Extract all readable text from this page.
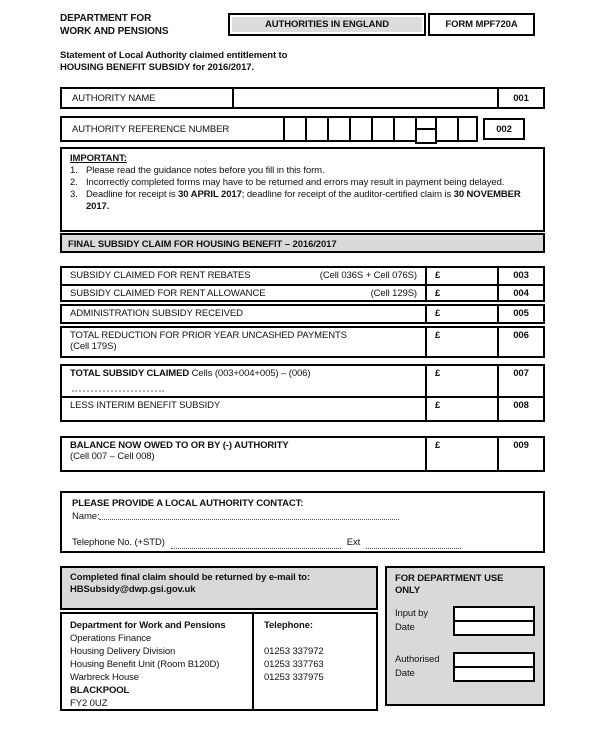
DEPARTMENT FOR
WORK AND PENSIONS
AUTHORITIES IN ENGLAND	FORM MPF720A
Statement of Local Authority claimed entitlement to
HOUSING BENEFIT SUBSIDY for 2016/2017.
AUTHORITY NAME	001
AUTHORITY REFERENCE NUMBER	002
IMPORTANT:
1. Please read the guidance notes before you fill in this form.
2. Incorrectly completed forms may have to be returned and errors may result in payment being delayed.
3. Deadline for receipt is 30 APRIL 2017; deadline for receipt of the auditor-certified claim is 30 NOVEMBER 2017.
FINAL SUBSIDY CLAIM FOR HOUSING BENEFIT – 2016/2017
SUBSIDY CLAIMED FOR RENT REBATES	(Cell 036S + Cell 076S)	£	003
SUBSIDY CLAIMED FOR RENT ALLOWANCE	(Cell 129S)	£	004
ADMINISTRATION SUBSIDY RECEIVED	£	005
TOTAL REDUCTION FOR PRIOR YEAR UNCASHED PAYMENTS
(Cell 179S)
£	006
TOTAL SUBSIDY CLAIMED Cells (003+004+005) – (006)	£	007
LESS INTERIM BENEFIT SUBSIDY	£	008
BALANCE NOW OWED TO OR BY (-) AUTHORITY
(Cell 007 – Cell 008)
£	009
PLEASE PROVIDE A LOCAL AUTHORITY CONTACT:
Name:
Telephone No. (+STD)	Ext
Completed final claim should be returned by e-mail to:
HBSubsidy@dwp.gsi.gov.uk
Department for Work and Pensions
Operations Finance
Housing Delivery Division
Housing Benefit Unit (Room B120D)
Warbreck House
BLACKPOOL
FY2 0UZ
Telephone:

01253 337972
01253 337763
01253 337975
FOR DEPARTMENT USE ONLY
Input by
Date
Authorised
Date
